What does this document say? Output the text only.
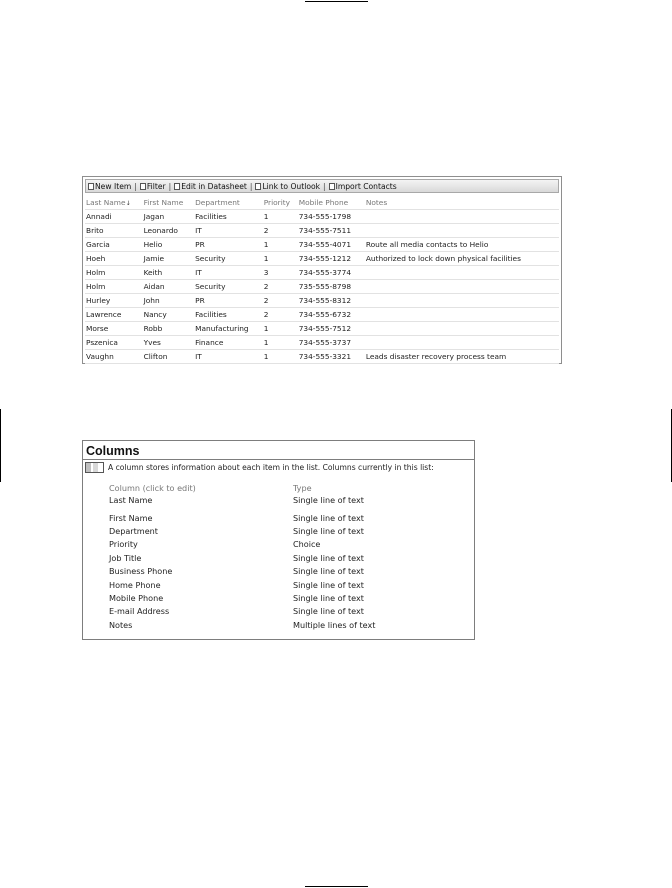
New Item | Filter | Edit in Datasheet | Link to Outlook | Import Contacts
Last Name↓	First Name	Department	Priority	Mobile Phone	Notes
Annadi	Jagan	Facilities	1	734-555-1798	
Brito	Leonardo	IT	2	734-555-7511	
Garcia	Helio	PR	1	734-555-4071	Route all media contacts to Helio
Hoeh	Jamie	Security	1	734-555-1212	Authorized to lock down physical facilities
Holm	Keith	IT	3	734-555-3774	
Holm	Aidan	Security	2	735-555-8798	
Hurley	John	PR	2	734-555-8312	
Lawrence	Nancy	Facilities	2	734-555-6732	
Morse	Robb	Manufacturing	1	734-555-7512	
Pszenica	Yves	Finance	1	734-555-3737	
Vaughn	Clifton	IT	1	734-555-3321	Leads disaster recovery process team
Columns
A column stores information about each item in the list. Columns currently in this list:
Column (click to edit)	Type
Last Name	Single line of text
First Name	Single line of text
Department	Single line of text
Priority	Choice
Job Title	Single line of text
Business Phone	Single line of text
Home Phone	Single line of text
Mobile Phone	Single line of text
E-mail Address	Single line of text
Notes	Multiple lines of text
